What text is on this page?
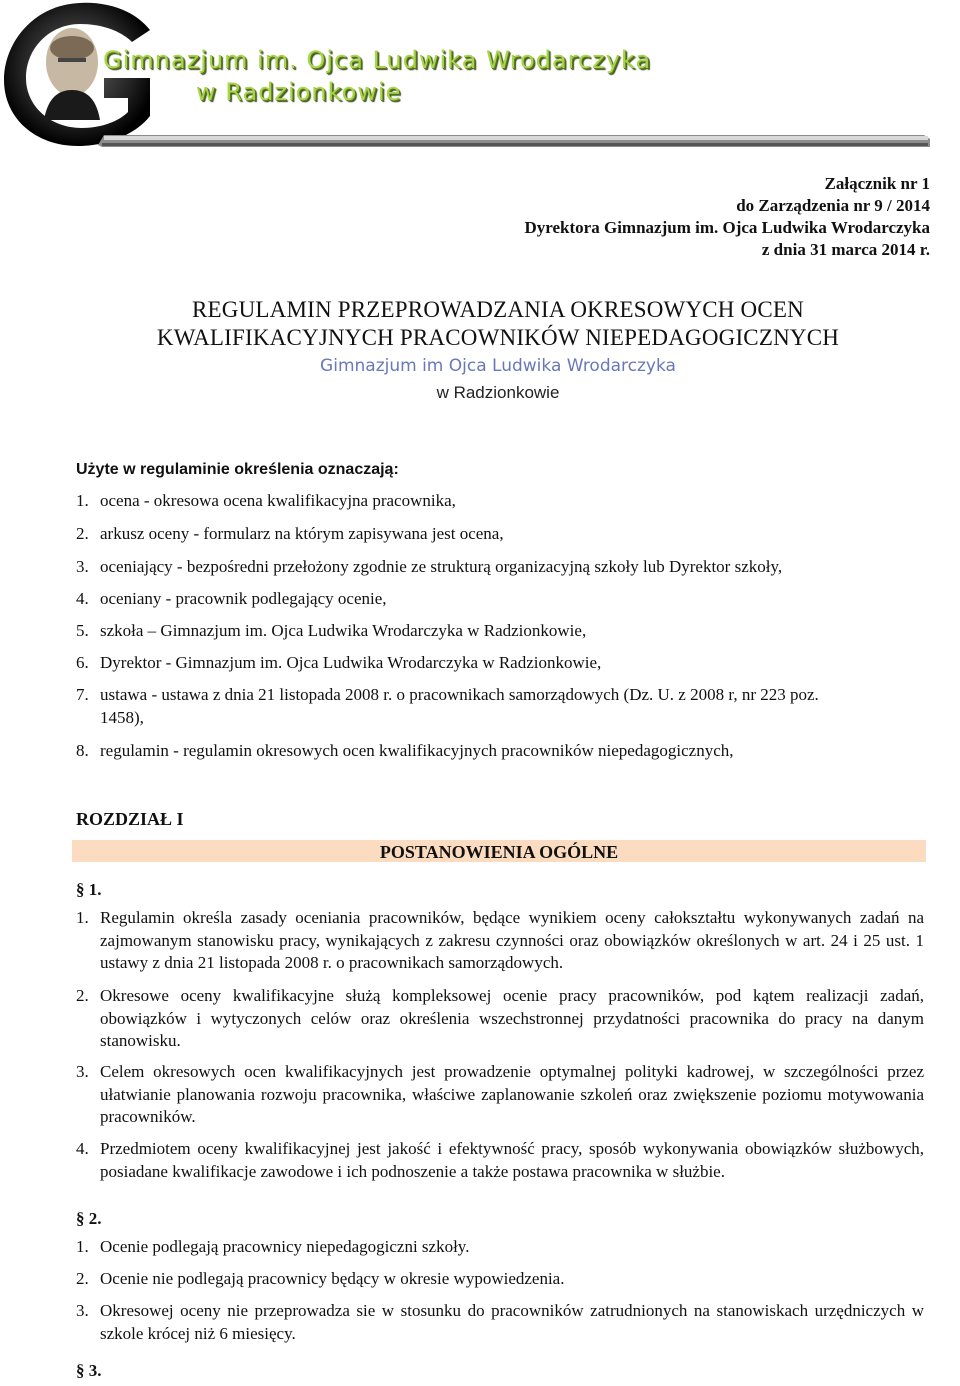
Gimnazjum im. Ojca Ludwika Wrodarczyka
w Radzionkowie
Załącznik nr 1
do Zarządzenia nr 9 / 2014
Dyrektora Gimnazjum im. Ojca Ludwika Wrodarczyka
z dnia 31 marca 2014 r.
REGULAMIN PRZEPROWADZANIA OKRESOWYCH OCEN
KWALIFIKACYJNYCH PRACOWNIKÓW NIEPEDAGOGICZNYCH
Gimnazjum im Ojca Ludwika Wrodarczyka
w Radzionkowie
Użyte w regulaminie określenia oznaczają:
1. ocena - okresowa ocena kwalifikacyjna pracownika,
2. arkusz oceny - formularz na którym zapisywana jest ocena,
3. oceniający - bezpośredni przełożony zgodnie ze strukturą organizacyjną szkoły lub Dyrektor szkoły,
4. oceniany - pracownik podlegający ocenie,
5. szkoła – Gimnazjum im. Ojca Ludwika Wrodarczyka w Radzionkowie,
6. Dyrektor - Gimnazjum im. Ojca Ludwika Wrodarczyka w Radzionkowie,
7. ustawa - ustawa z dnia 21 listopada 2008 r. o pracownikach samorządowych (Dz. U. z 2008 r, nr 223 poz.
1458),
8. regulamin - regulamin okresowych ocen kwalifikacyjnych pracowników niepedagogicznych,
ROZDZIAŁ I
POSTANOWIENIA OGÓLNE
§ 1.
1. Regulamin określa zasady oceniania pracowników, będące wynikiem oceny całokształtu wykonywanych zadań na zajmowanym stanowisku pracy, wynikających z zakresu czynności oraz obowiązków określonych w art. 24 i 25 ust. 1 ustawy z dnia 21 listopada 2008 r. o pracownikach samorządowych.
2. Okresowe oceny kwalifikacyjne służą kompleksowej ocenie pracy pracowników, pod kątem realizacji zadań, obowiązków i wytyczonych celów oraz określenia wszechstronnej przydatności pracownika do pracy na danym stanowisku.
3. Celem okresowych ocen kwalifikacyjnych jest prowadzenie optymalnej polityki kadrowej, w szczególności przez ułatwianie planowania rozwoju pracownika, właściwe zaplanowanie szkoleń oraz zwiększenie poziomu motywowania pracowników.
4. Przedmiotem oceny kwalifikacyjnej jest jakość i efektywność pracy, sposób wykonywania obowiązków służbowych, posiadane kwalifikacje zawodowe i ich podnoszenie a także postawa pracownika w służbie.
§ 2.
1. Ocenie podlegają pracownicy niepedagogiczni szkoły.
2. Ocenie nie podlegają pracownicy będący w okresie wypowiedzenia.
3. Okresowej oceny nie przeprowadza sie w stosunku do pracowników zatrudnionych na stanowiskach urzędniczych w szkole krócej niż 6 miesięcy.
§ 3.
